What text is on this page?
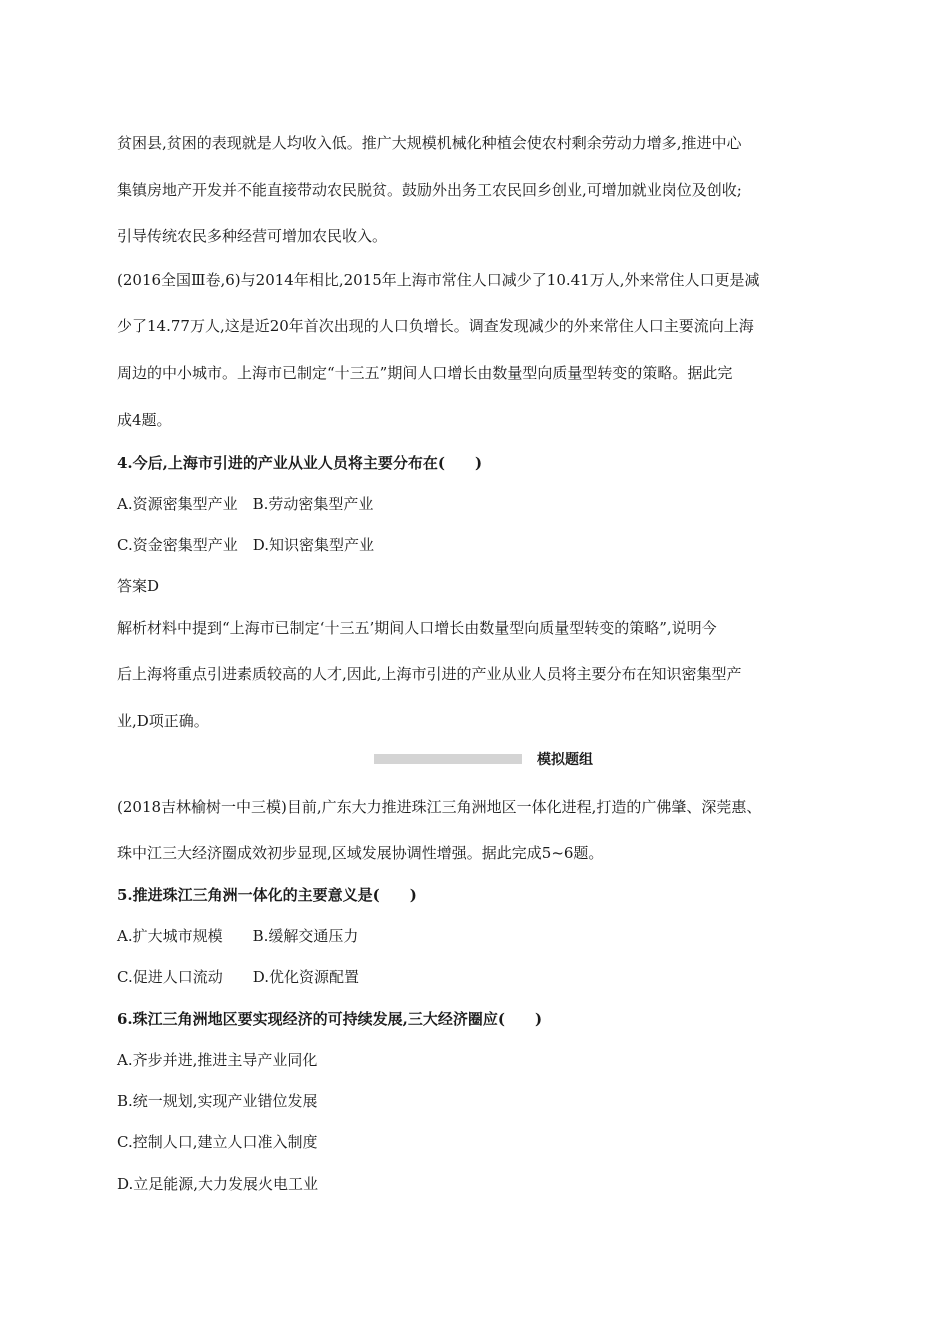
贫困县,贫困的表现就是人均收入低。推广大规模机械化种植会使农村剩余劳动力增多,推进中心
集镇房地产开发并不能直接带动农民脱贫。鼓励外出务工农民回乡创业,可增加就业岗位及创收;
引导传统农民多种经营可增加农民收入。
(2016全国Ⅲ卷,6)与2014年相比,2015年上海市常住人口减少了10.41万人,外来常住人口更是减
少了14.77万人,这是近20年首次出现的人口负增长。调查发现减少的外来常住人口主要流向上海
周边的中小城市。上海市已制定“十三五”期间人口增长由数量型向质量型转变的策略。据此完
成4题。
4.今后,上海市引进的产业从业人员将主要分布在(　　)
A.资源密集型产业　B.劳动密集型产业
C.资金密集型产业　D.知识密集型产业
答案D
解析材料中提到“上海市已制定‘十三五’期间人口增长由数量型向质量型转变的策略”,说明今
后上海将重点引进素质较高的人才,因此,上海市引进的产业从业人员将主要分布在知识密集型产
业,D项正确。
模拟题组
(2018吉林榆树一中三模)目前,广东大力推进珠江三角洲地区一体化进程,打造的广佛肇、深莞惠、
珠中江三大经济圈成效初步显现,区域发展协调性增强。据此完成5~6题。
5.推进珠江三角洲一体化的主要意义是(　　)
A.扩大城市规模　　B.缓解交通压力
C.促进人口流动　　D.优化资源配置
6.珠江三角洲地区要实现经济的可持续发展,三大经济圈应(　　)
A.齐步并进,推进主导产业同化
B.统一规划,实现产业错位发展
C.控制人口,建立人口准入制度
D.立足能源,大力发展火电工业
